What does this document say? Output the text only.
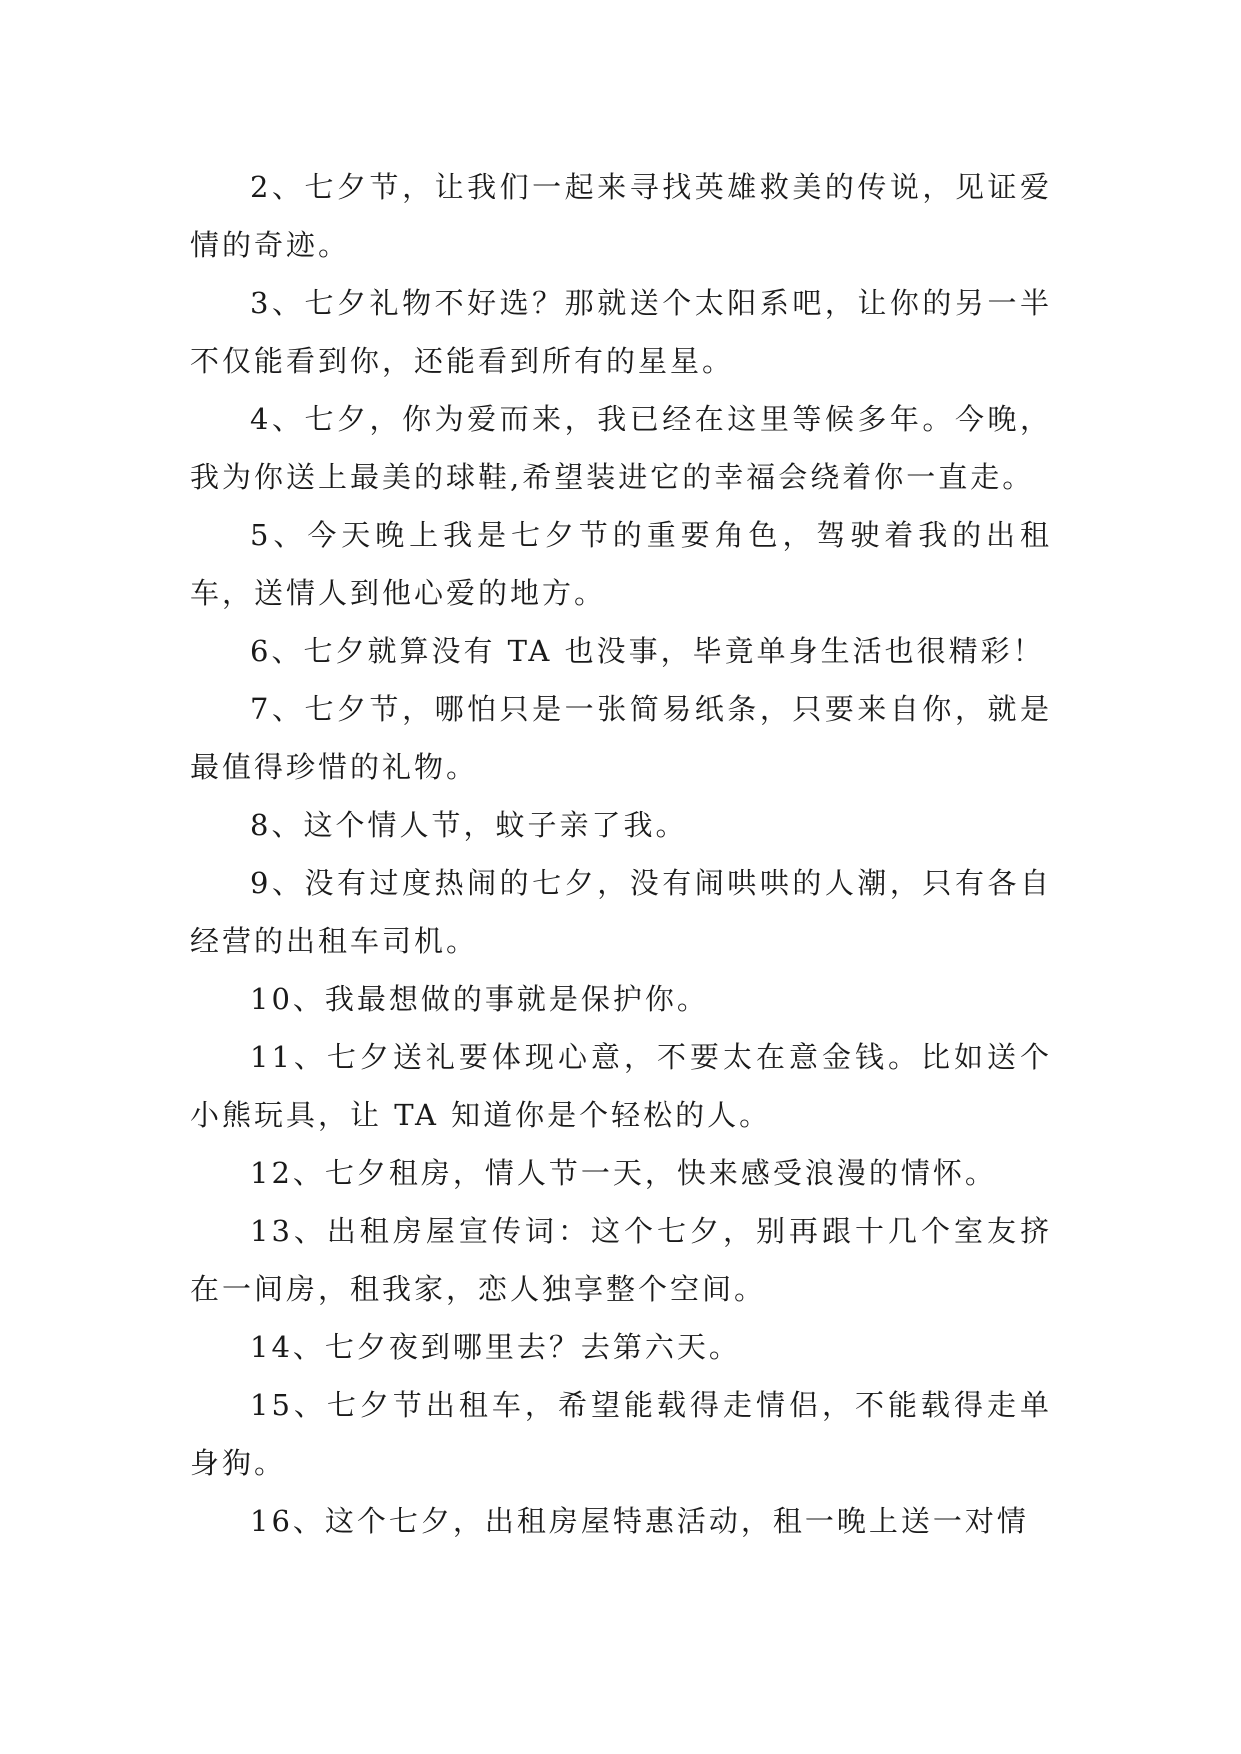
2、七夕节，让我们一起来寻找英雄救美的传说，见证爱情的奇迹。

3、七夕礼物不好选？那就送个太阳系吧，让你的另一半不仅能看到你，还能看到所有的星星。

4、七夕，你为爱而来，我已经在这里等候多年。今晚，我为你送上最美的球鞋,希望装进它的幸福会绕着你一直走。

5、今天晚上我是七夕节的重要角色，驾驶着我的出租车，送情人到他心爱的地方。

6、七夕就算没有 TA 也没事，毕竟单身生活也很精彩！

7、七夕节，哪怕只是一张简易纸条，只要来自你，就是最值得珍惜的礼物。

8、这个情人节，蚊子亲了我。

9、没有过度热闹的七夕，没有闹哄哄的人潮，只有各自经营的出租车司机。

10、我最想做的事就是保护你。

11、七夕送礼要体现心意，不要太在意金钱。比如送个小熊玩具，让 TA 知道你是个轻松的人。

12、七夕租房，情人节一天，快来感受浪漫的情怀。

13、出租房屋宣传词：这个七夕，别再跟十几个室友挤在一间房，租我家，恋人独享整个空间。

14、七夕夜到哪里去？去第六天。

15、七夕节出租车，希望能载得走情侣，不能载得走单身狗。

16、这个七夕，出租房屋特惠活动，租一晚上送一对情
